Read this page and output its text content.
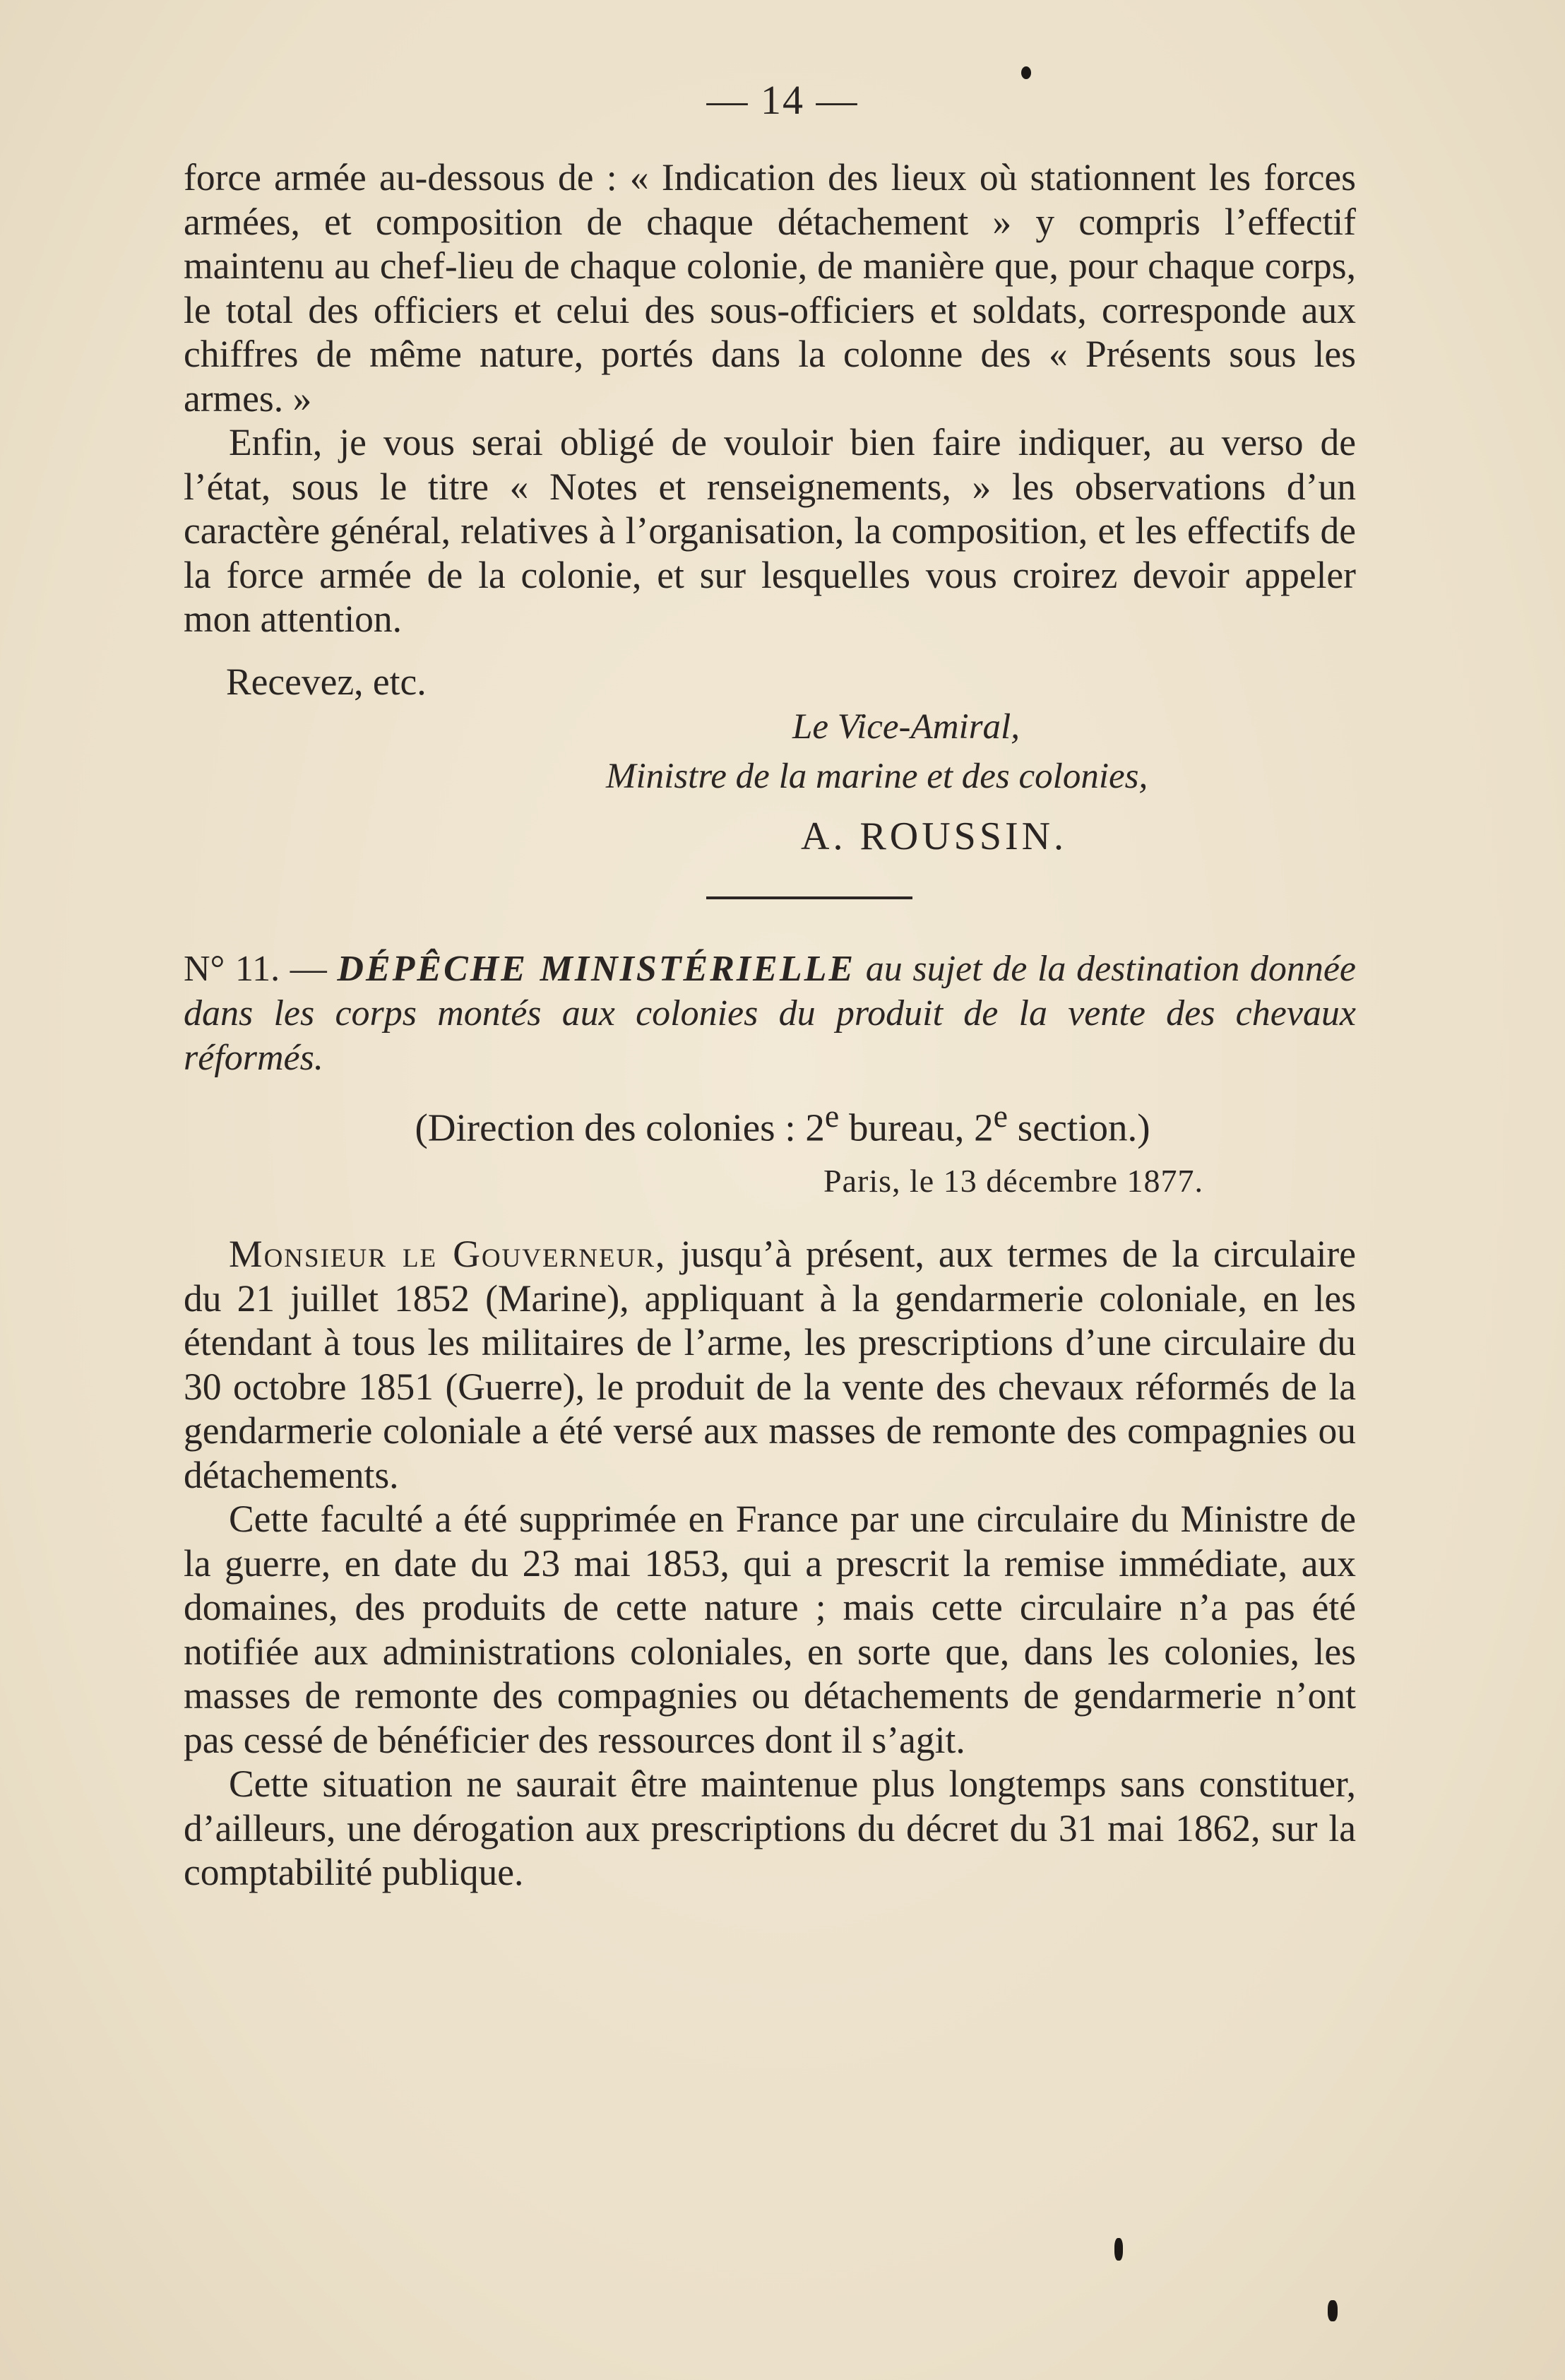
— 14 —

force armée au-dessous de : « Indication des lieux où stationnent les forces armées, et composition de chaque détachement » y compris l’effectif maintenu au chef-lieu de chaque colonie, de manière que, pour chaque corps, le total des officiers et celui des sous-officiers et soldats, corresponde aux chiffres de même nature, portés dans la colonne des « Présents sous les armes. »

Enfin, je vous serai obligé de vouloir bien faire indiquer, au verso de l’état, sous le titre « Notes et renseignements, » les observations d’un caractère général, relatives à l’organisation, la composition, et les effectifs de la force armée de la colonie, et sur lesquelles vous croirez devoir appeler mon attention.

Recevez, etc.
Le Vice-Amiral,
Ministre de la marine et des colonies,
A. ROUSSIN.
N° 11. — DÉPÊCHE MINISTÉRIELLE au sujet de la destination donnée dans les corps montés aux colonies du produit de la vente des chevaux réformés.
(Direction des colonies : 2e bureau, 2e section.)
Paris, le 13 décembre 1877.

Monsieur le Gouverneur, jusqu’à présent, aux termes de la circulaire du 21 juillet 1852 (Marine), appliquant à la gendarmerie coloniale, en les étendant à tous les militaires de l’arme, les prescriptions d’une circulaire du 30 octobre 1851 (Guerre), le produit de la vente des chevaux réformés de la gendarmerie coloniale a été versé aux masses de remonte des compagnies ou détachements.

Cette faculté a été supprimée en France par une circulaire du Ministre de la guerre, en date du 23 mai 1853, qui a prescrit la remise immédiate, aux domaines, des produits de cette nature ; mais cette circulaire n’a pas été notifiée aux administrations coloniales, en sorte que, dans les colonies, les masses de remonte des compagnies ou détachements de gendarmerie n’ont pas cessé de bénéficier des ressources dont il s’agit.

Cette situation ne saurait être maintenue plus longtemps sans constituer, d’ailleurs, une dérogation aux prescriptions du décret du 31 mai 1862, sur la comptabilité publique.
